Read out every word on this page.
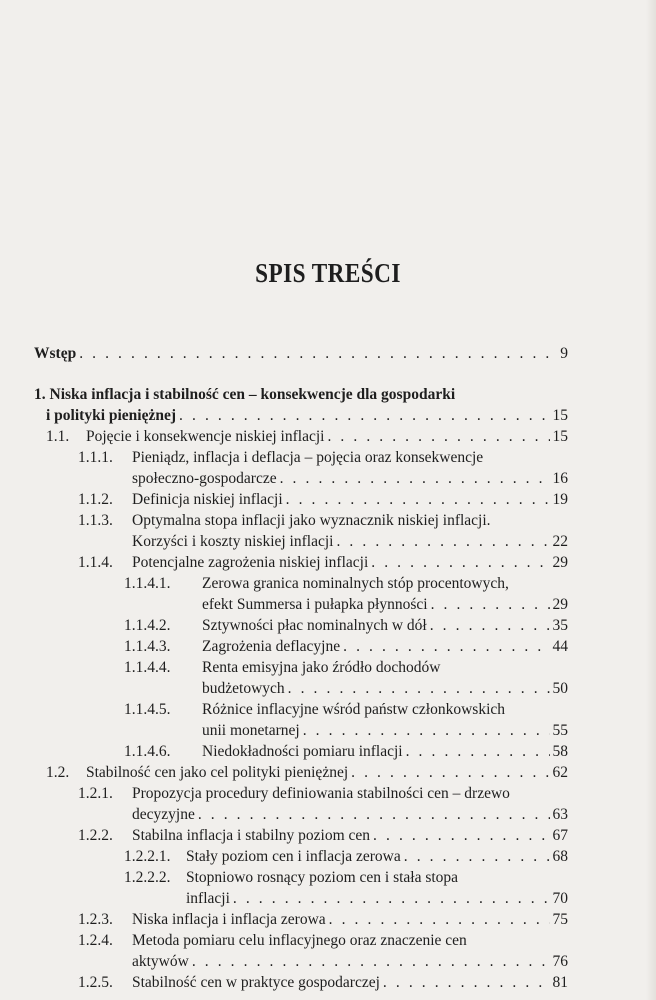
SPIS TREŚCI
Wstęp . . .	9
1. Niska inflacja i stabilność cen – konsekwencje dla gospodarki
i polityki pieniężnej . . .	15
1.1. Pojęcie i konsekwencje niskiej inflacji . . .	15
1.1.1. Pieniądz, inflacja i deflacja – pojęcia oraz konsekwencje
społeczno-gospodarcze . . .	16
1.1.2. Definicja niskiej inflacji . . .	19
1.1.3. Optymalna stopa inflacji jako wyznacznik niskiej inflacji.
Korzyści i koszty niskiej inflacji . . .	22
1.1.4. Potencjalne zagrożenia niskiej inflacji . . .	29
1.1.4.1. Zerowa granica nominalnych stóp procentowych,
efekt Summersa i pułapka płynności . . .	29
1.1.4.2. Sztywności płac nominalnych w dół . . .	35
1.1.4.3. Zagrożenia deflacyjne . . .	44
1.1.4.4. Renta emisyjna jako źródło dochodów
budżetowych . . .	50
1.1.4.5. Różnice inflacyjne wśród państw członkowskich
unii monetarnej . . .	55
1.1.4.6. Niedokładności pomiaru inflacji . . .	58
1.2. Stabilność cen jako cel polityki pieniężnej . . .	62
1.2.1. Propozycja procedury definiowania stabilności cen – drzewo
decyzyjne . . .	63
1.2.2. Stabilna inflacja i stabilny poziom cen . . .	67
1.2.2.1. Stały poziom cen i inflacja zerowa . . .	68
1.2.2.2. Stopniowo rosnący poziom cen i stała stopa
inflacji . . .	70
1.2.3. Niska inflacja i inflacja zerowa . . .	75
1.2.4. Metoda pomiaru celu inflacyjnego oraz znaczenie cen
aktywów . . .	76
1.2.5. Stabilność cen w praktyce gospodarczej . . .	81
